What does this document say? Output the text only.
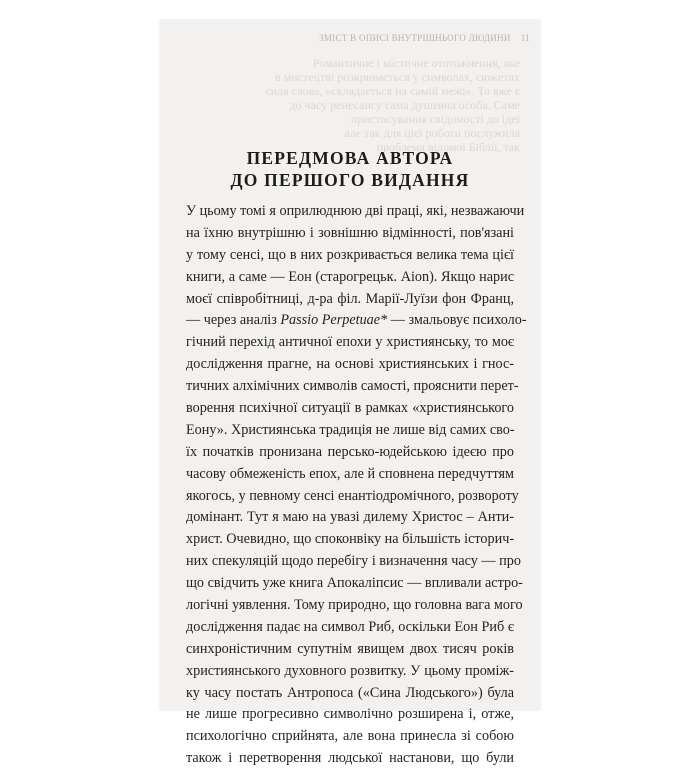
ЗМІСТ В ОПИСІ ВНУТРІШНЬОГО ЛЮДИНИ 11
Романтичне і містичне ототожнення, яке
в мистецтві розкривається у символах, сюжетах
сила слова, «складається на самій межі». То вже є
до часу ренесансу сама душевна особа. Саме
пристосування свідомості до ідеї
але так для цієї роботи послужила
проблема відомої Біблії, так
ПЕРЕДМОВА АВТОРА
ДО ПЕРШОГО ВИДАННЯ
У цьому томі я оприлюднюю дві праці, які, незважаючи
на їхню внутрішню і зовнішню відмінності, пов'язані
у тому сенсі, що в них розкривається велика тема цієї
книги, а саме — Еон (старогрецьк. Aion). Якщо нарис
моєї співробітниці, д-ра філ. Марії-Луїзи фон Франц,
— через аналіз Passio Perpetuae* — змальовує психоло-
гічний перехід античної епохи у християнську, то моє
дослідження прагне, на основі християнських і гнос-
тичних алхімічних символів самості, прояснити перет-
ворення психічної ситуації в рамках «християнського
Еону». Християнська традиція не лише від самих сво-
їх початків пронизана персько-юдейською ідеєю про
часову обмеженість епох, але й сповнена передчуттям
якогось, у певному сенсі енантіодромічного, розвороту
домінант. Тут я маю на увазі дилему Христос – Анти-
христ. Очевидно, що споконвіку на більшість історич-
них спекуляцій щодо перебігу і визначення часу — про
що свідчить уже книга Апокаліпсис — впливали астро-
логічні уявлення. Тому природно, що головна вага мого
дослідження падає на символ Риб, оскільки Еон Риб є
синхроністичним супутнім явищем двох тисяч років
християнського духовного розвитку. У цьому проміж-
ку часу постать Антропоса («Сина Людського») була
не лише прогресивно символічно розширена і, отже,
психологічно сприйнята, але вона принесла зі собою
також і перетворення людської настанови, що були
